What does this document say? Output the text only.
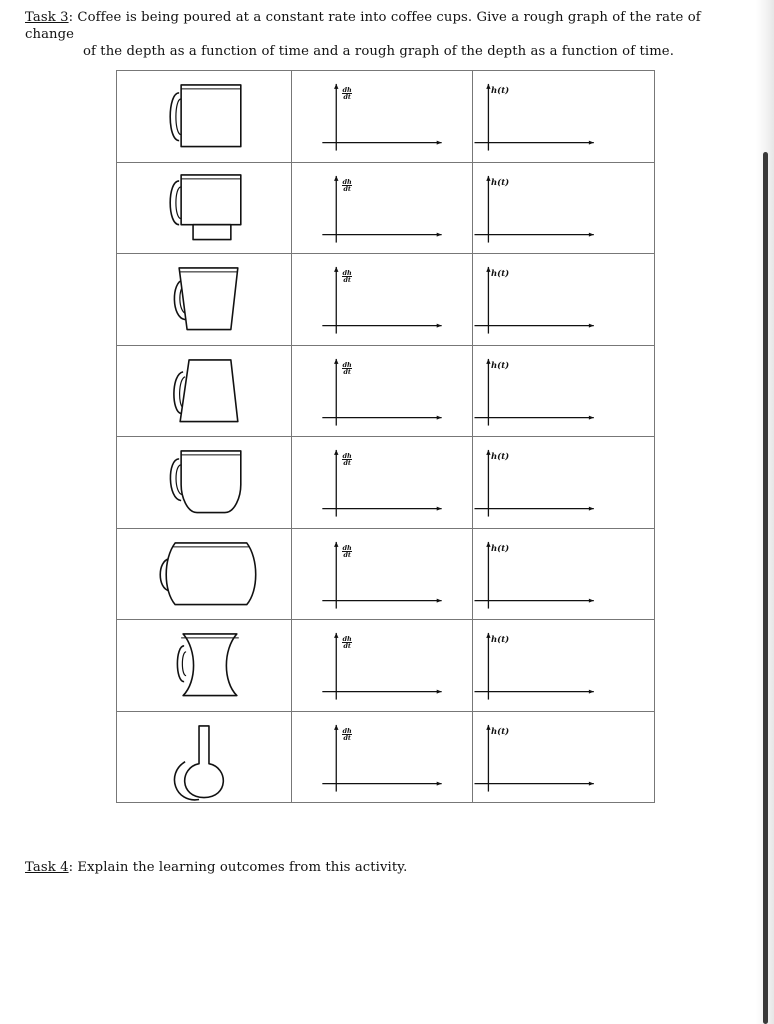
Task 3: Coffee is being poured at a constant rate into coffee cups. Give a rough graph of the rate of change
of the depth as a function of time and a rough graph of the depth as a function of time.

$\frac{dh}{dt}$	h(t)

$\frac{dh}{dt}$	h(t)

$\frac{dh}{dt}$	h(t)

$\frac{dh}{dt}$	h(t)

$\frac{dh}{dt}$	h(t)

$\frac{dh}{dt}$	h(t)

$\frac{dh}{dt}$	h(t)

$\frac{dh}{dt}$	h(t)
Task 4: Explain the learning outcomes from this activity.
